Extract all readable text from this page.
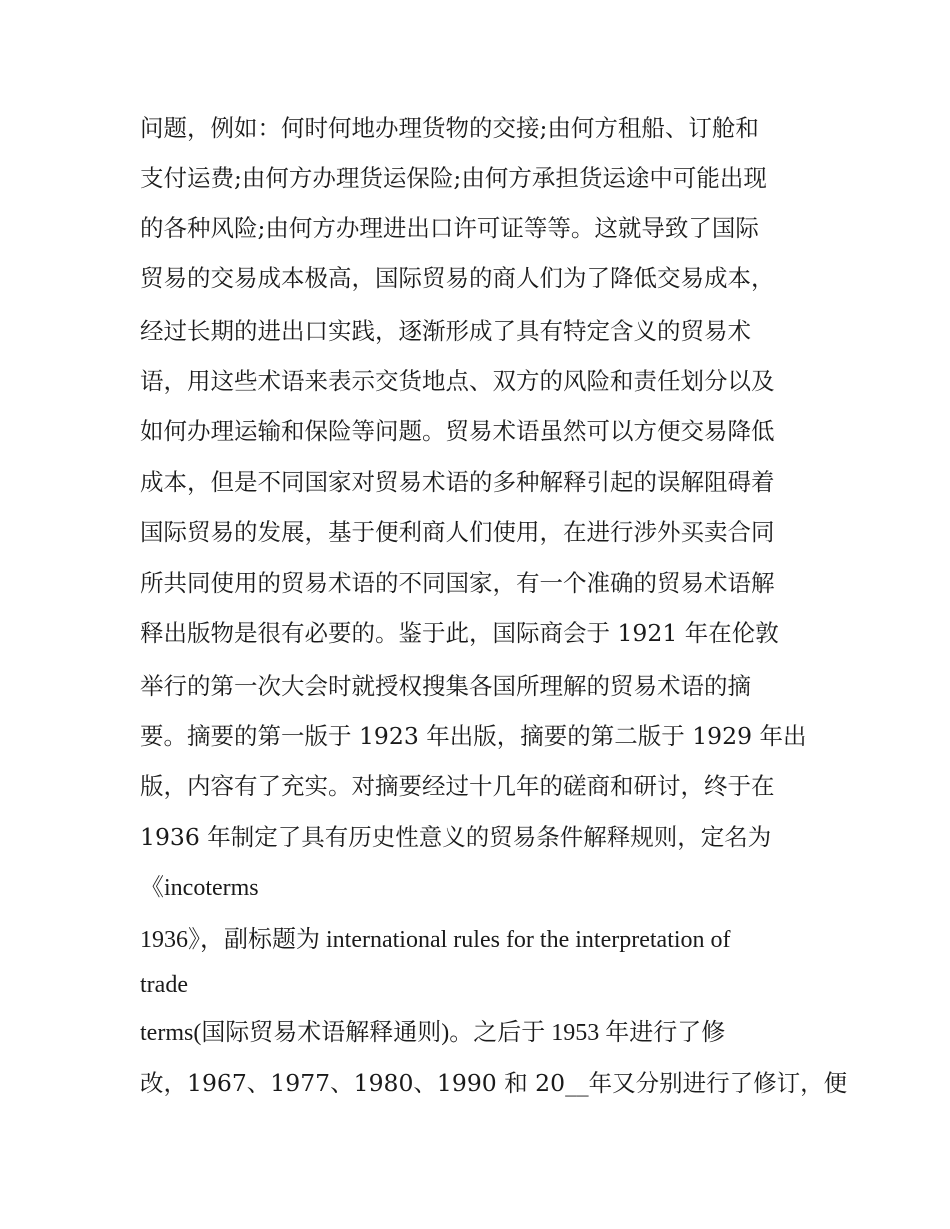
问题，例如：何时何地办理货物的交接;由何方租船、订舱和

支付运费;由何方办理货运保险;由何方承担货运途中可能出现

的各种风险;由何方办理进出口许可证等等。这就导致了国际

贸易的交易成本极高，国际贸易的商人们为了降低交易成本，

经过长期的进出口实践，逐渐形成了具有特定含义的贸易术

语，用这些术语来表示交货地点、双方的风险和责任划分以及

如何办理运输和保险等问题。贸易术语虽然可以方便交易降低

成本，但是不同国家对贸易术语的多种解释引起的误解阻碍着

国际贸易的发展，基于便利商人们使用，在进行涉外买卖合同

所共同使用的贸易术语的不同国家，有一个准确的贸易术语解

释出版物是很有必要的。鉴于此，国际商会于 1921 年在伦敦

举行的第一次大会时就授权搜集各国所理解的贸易术语的摘

要。摘要的第一版于 1923 年出版，摘要的第二版于 1929 年出

版，内容有了充实。对摘要经过十几年的磋商和研讨，终于在

1936 年制定了具有历史性意义的贸易条件解释规则，定名为

《incoterms

1936》，副标题为 international rules for the interpretation of

trade

terms(国际贸易术语解释通则)。之后于 1953 年进行了修

改，1967、1977、1980、1990 和 20__年又分别进行了修订，便
